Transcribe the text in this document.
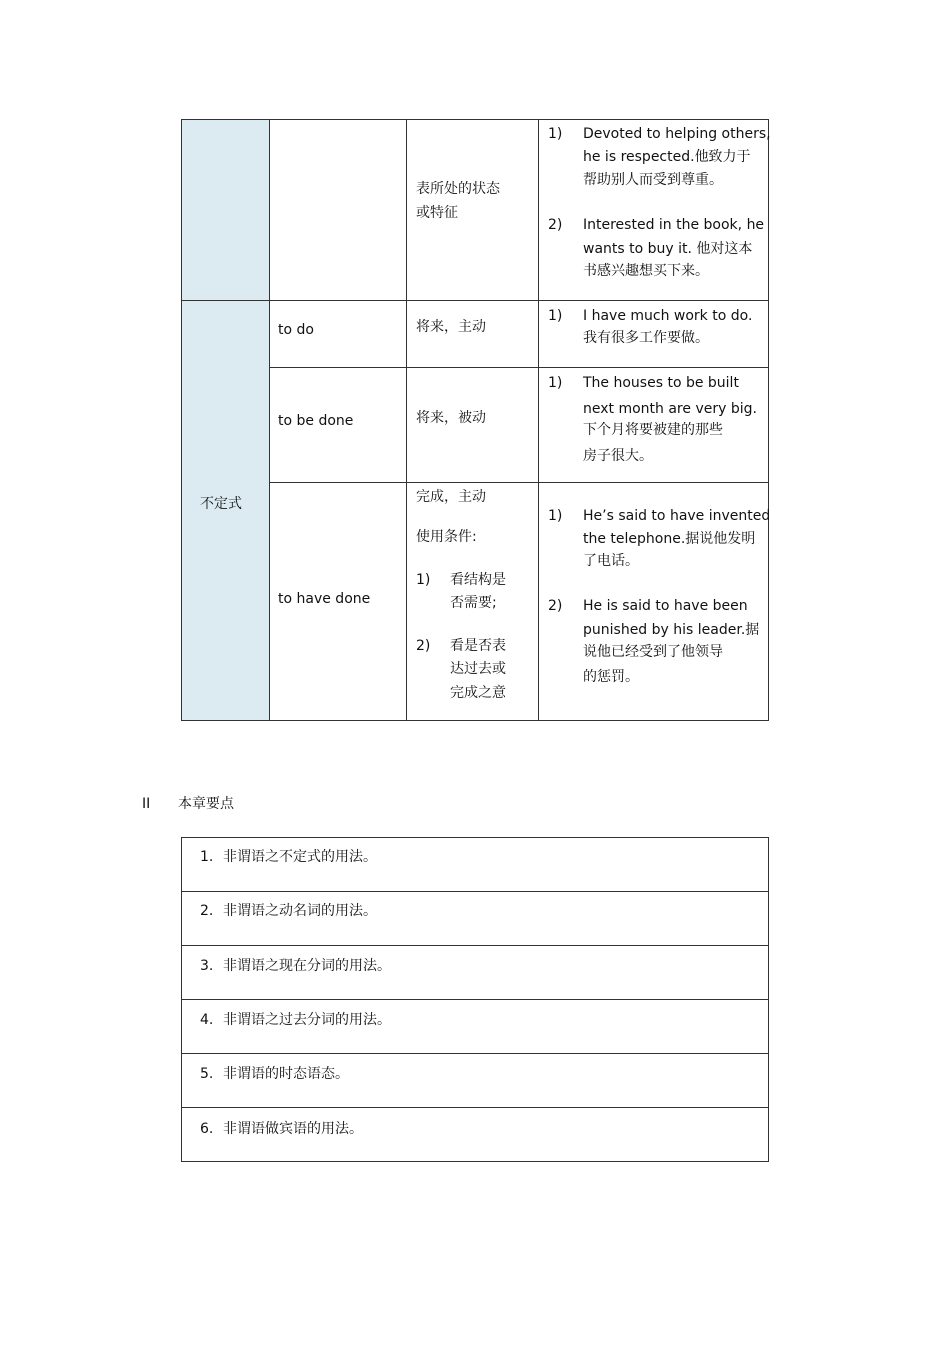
表所处的状态
或特征
1) Devoted to helping others,
he is respected.他致力于
帮助别人而受到尊重。
2) Interested in the book, he
wants to buy it. 他对这本
书感兴趣想买下来。
不定式
to do	将来，主动
1) I have much work to do.
我有很多工作要做。
to be done	将来，被动
1) The houses to be built
next month are very big.
下个月将要被建的那些
房子很大。
to have done
完成，主动
使用条件:
1) 看结构是
否需要;
2) 看是否表
达过去或
完成之意
1) He’s said to have invented
the telephone.据说他发明
了电话。
2) He is said to have been
punished by his leader.据
说他已经受到了他领导
的惩罚。
II 本章要点
1. 非谓语之不定式的用法。
2. 非谓语之动名词的用法。
3. 非谓语之现在分词的用法。
4. 非谓语之过去分词的用法。
5. 非谓语的时态语态。
6. 非谓语做宾语的用法。
